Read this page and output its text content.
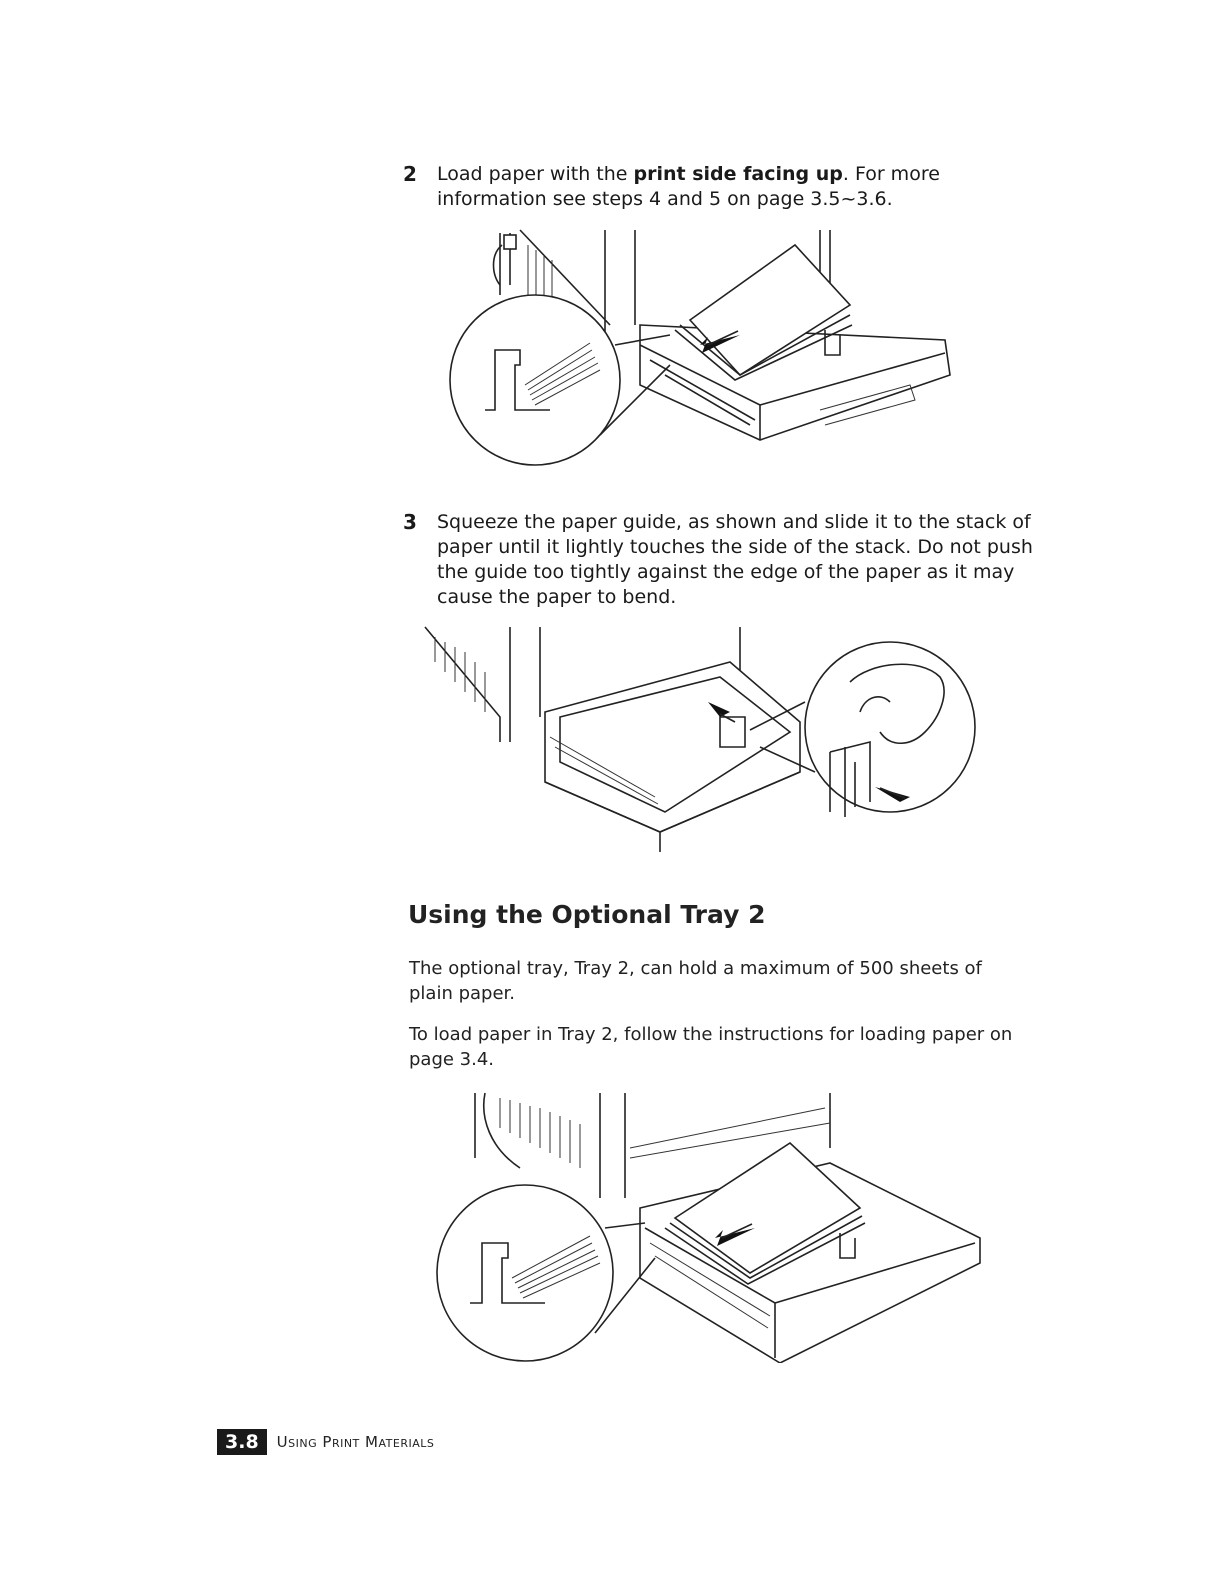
2 Load paper with the print side facing up. For more information see steps 4 and 5 on page 3.5~3.6.
3 Squeeze the paper guide, as shown and slide it to the stack of paper until it lightly touches the side of the stack. Do not push the guide too tightly against the edge of the paper as it may cause the paper to bend.
Using the Optional Tray 2

The optional tray, Tray 2, can hold a maximum of 500 sheets of plain paper.

To load paper in Tray 2, follow the instructions for loading paper on page 3.4.

3.8	Using Print Materials
